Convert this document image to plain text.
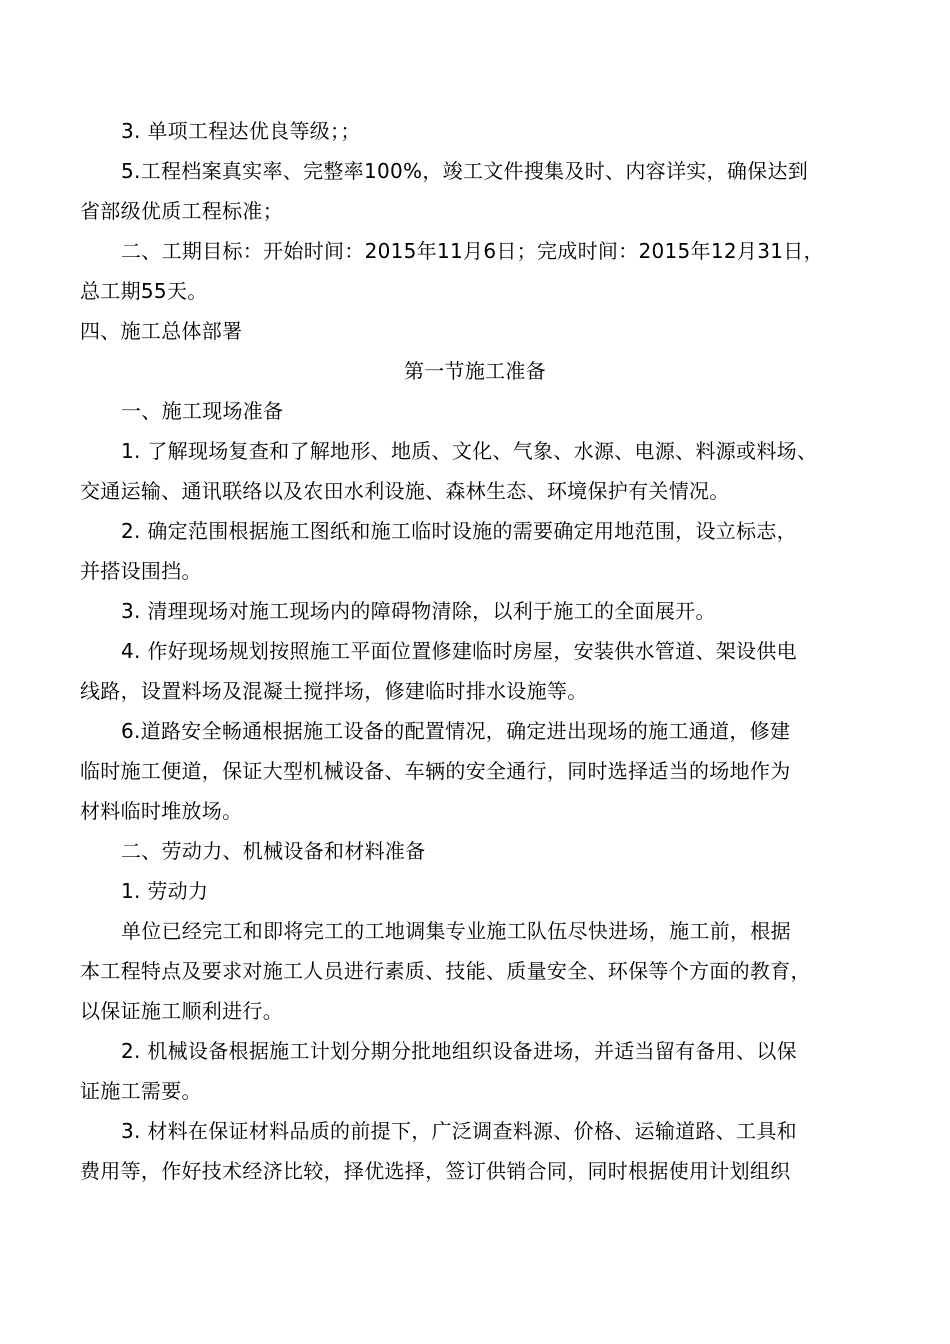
3. 单项工程达优良等级；；
5.工程档案真实率、完整率100%，竣工文件搜集及时、内容详实，确保达到
省部级优质工程标准；
二、工期目标：开始时间：2015年11月6日；完成时间：2015年12月31日，
总工期55天。
四、施工总体部署
第一节施工准备
一、施工现场准备
1. 了解现场复查和了解地形、地质、文化、气象、水源、电源、料源或料场、
交通运输、通讯联络以及农田水利设施、森林生态、环境保护有关情况。
2. 确定范围根据施工图纸和施工临时设施的需要确定用地范围，设立标志，
并搭设围挡。
3. 清理现场对施工现场内的障碍物清除，以利于施工的全面展开。
4. 作好现场规划按照施工平面位置修建临时房屋，安装供水管道、架设供电
线路，设置料场及混凝土搅拌场，修建临时排水设施等。
6.道路安全畅通根据施工设备的配置情况，确定进出现场的施工通道，修建
临时施工便道，保证大型机械设备、车辆的安全通行，同时选择适当的场地作为
材料临时堆放场。
二、劳动力、机械设备和材料准备
1. 劳动力
单位已经完工和即将完工的工地调集专业施工队伍尽快进场，施工前，根据
本工程特点及要求对施工人员进行素质、技能、质量安全、环保等个方面的教育，
以保证施工顺利进行。
2. 机械设备根据施工计划分期分批地组织设备进场，并适当留有备用、以保
证施工需要。
3. 材料在保证材料品质的前提下，广泛调查料源、价格、运输道路、工具和
费用等，作好技术经济比较，择优选择，签订供销合同，同时根据使用计划组织
